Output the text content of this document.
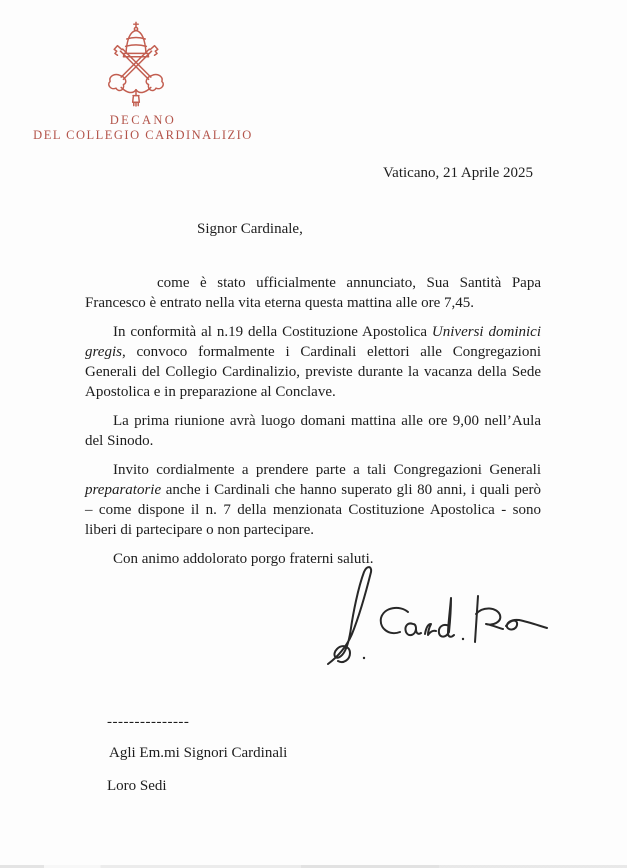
DECANO
DEL COLLEGIO CARDINALIZIO
Vaticano, 21 Aprile 2025
Signor Cardinale,

come è stato ufficialmente annunciato, Sua Santità Papa Francesco è entrato nella vita eterna questa mattina alle ore 7,45.

In conformità al n.19 della Costituzione Apostolica Universi dominici gregis, convoco formalmente i Cardinali elettori alle Congregazioni Generali del Collegio Cardinalizio, previste durante la vacanza della Sede Apostolica e in preparazione al Conclave.

La prima riunione avrà luogo domani mattina alle ore 9,00 nell’Aula del Sinodo.

Invito cordialmente a prendere parte a tali Congregazioni Generali preparatorie anche i Cardinali che hanno superato gli 80 anni, i quali però – come dispone il n. 7 della menzionata Costituzione Apostolica - sono liberi di partecipare o non partecipare.

Con animo addolorato porgo fraterni saluti.

---------------
Agli Em.mi Signori Cardinali
Loro Sedi
